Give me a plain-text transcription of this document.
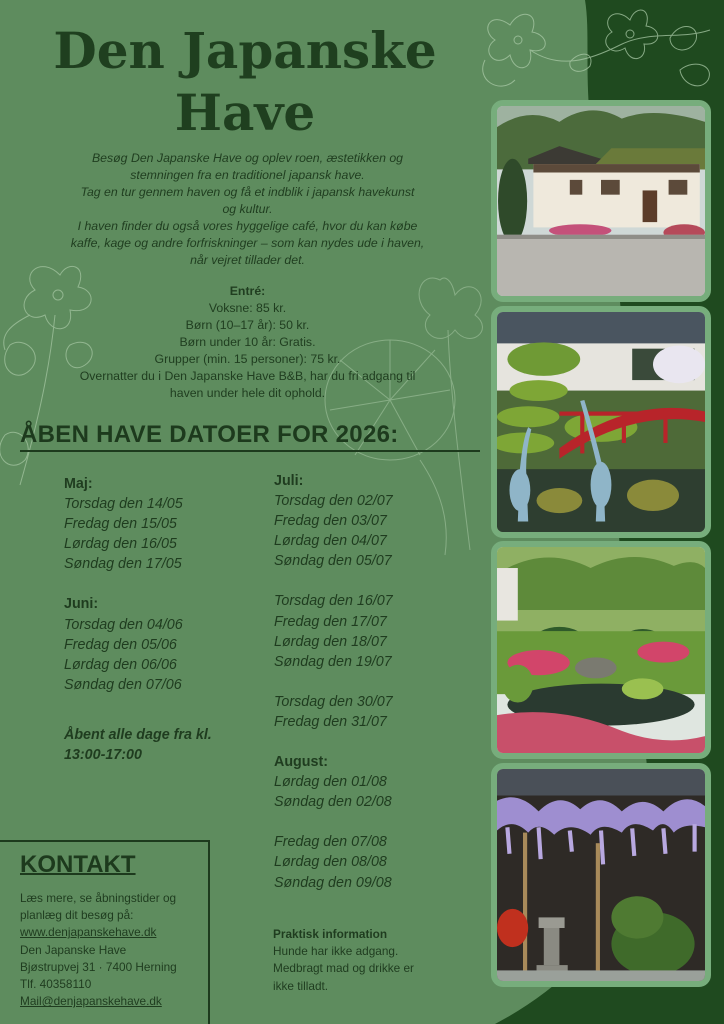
Den Japanske
Have

Besøg Den Japanske Have og oplev roen, æstetikken og

stemningen fra en traditionel japansk have.

Tag en tur gennem haven og få et indblik i japansk havekunst

og kultur.

I haven finder du også vores hyggelige café, hvor du kan købe

kaffe, kage og andre forfriskninger – som kan nydes ude i haven,

når vejret tillader det.

Entré:

Voksne: 85 kr.

Børn (10–17 år): 50 kr.

Børn under 10 år: Gratis.

Grupper (min. 15 personer): 75 kr.

Overnatter du i Den Japanske Have B&B, har du fri adgang til

haven under hele dit ophold.

ÅBEN HAVE DATOER FOR 2026:

Maj:

Torsdag den 14/05

Fredag den 15/05

Lørdag den 16/05

Søndag den 17/05

Juni:

Torsdag den 04/06

Fredag den 05/06

Lørdag den 06/06

Søndag den 07/06

Åbent alle dage fra kl.

13:00-17:00

Juli:

Torsdag den 02/07

Fredag den 03/07

Lørdag den 04/07

Søndag den 05/07

Torsdag den 16/07

Fredag den 17/07

Lørdag den 18/07

Søndag den 19/07

Torsdag den 30/07

Fredag den 31/07

August:

Lørdag den 01/08

Søndag den 02/08

Fredag den 07/08

Lørdag den 08/08

Søndag den 09/08

KONTAKT

Læs mere, se åbningstider og

planlæg dit besøg på:

www.denjapanskehave.dk

Den Japanske Have

Bjøstrupvej 31 · 7400 Herning

Tlf. 40358110

Mail@denjapanskehave.dk

Praktisk information

Hunde har ikke adgang.

Medbragt mad og drikke er

ikke tilladt.
